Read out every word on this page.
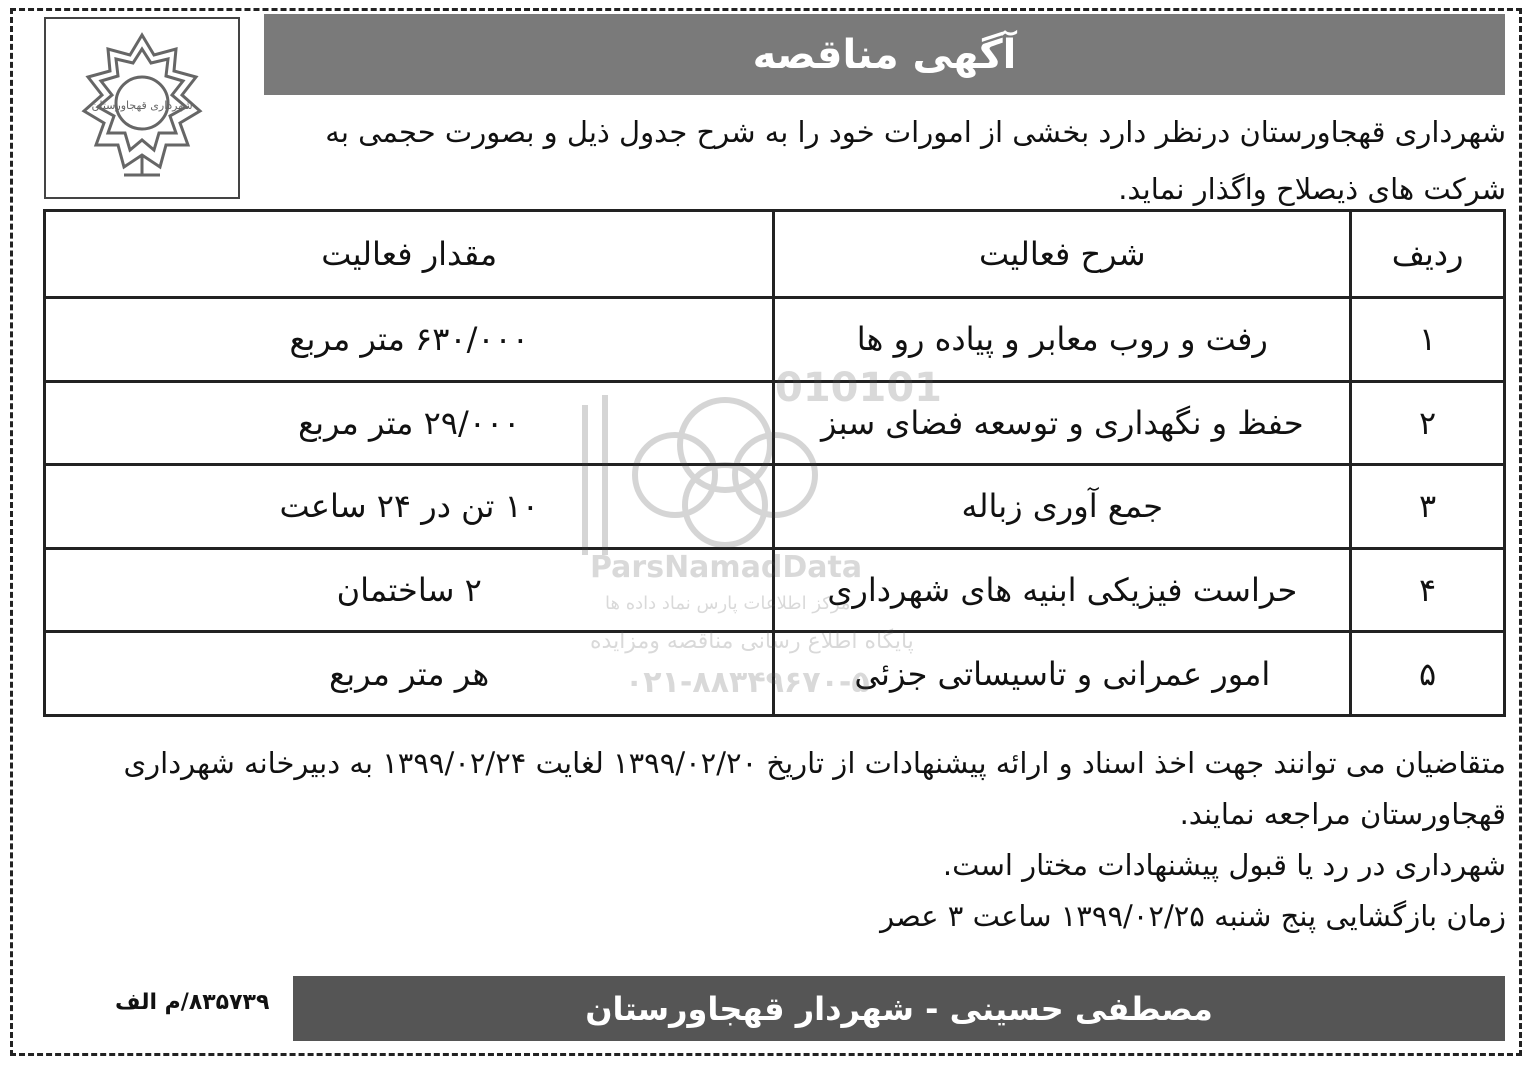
شهرداری قهجاورستان
آگهی مناقصه
شهرداری قهجاورستان درنظر دارد بخشی از امورات خود را به شرح جدول ذیل و بصورت حجمی به شرکت های ذیصلاح واگذار نماید.
ردیف	شرح فعالیت	مقدار فعالیت
۱	رفت و روب معابر و پیاده رو ها	۶۳۰/۰۰۰ متر مربع
۲	حفظ و نگهداری و توسعه فضای سبز	۲۹/۰۰۰ متر مربع
۳	جمع آوری زباله	۱۰ تن در ۲۴ ساعت
۴	حراست فیزیکی ابنیه های شهرداری	۲ ساختمان
۵	امور عمرانی و تاسیساتی جزئی	هر متر مربع
010101
ParsNamadData
مرکز اطلاعات پارس نماد داده ها
پایگاه اطلاع رسانی مناقصه ومزایده
۰۲۱-۸۸۳۴۹۶۷۰-۵
متقاضیان می توانند جهت اخذ اسناد و ارائه پیشنهادات از تاریخ ۱۳۹۹/۰۲/۲۰ لغایت ۱۳۹۹/۰۲/۲۴ به دبیرخانه شهرداری قهجاورستان مراجعه نمایند.
شهرداری در رد یا قبول پیشنهادات مختار است.
زمان بازگشایی پنج شنبه ۱۳۹۹/۰۲/۲۵ ساعت ۳ عصر
۸۳۵۷۳۹/م الف	مصطفی حسینی - شهردار قهجاورستان
